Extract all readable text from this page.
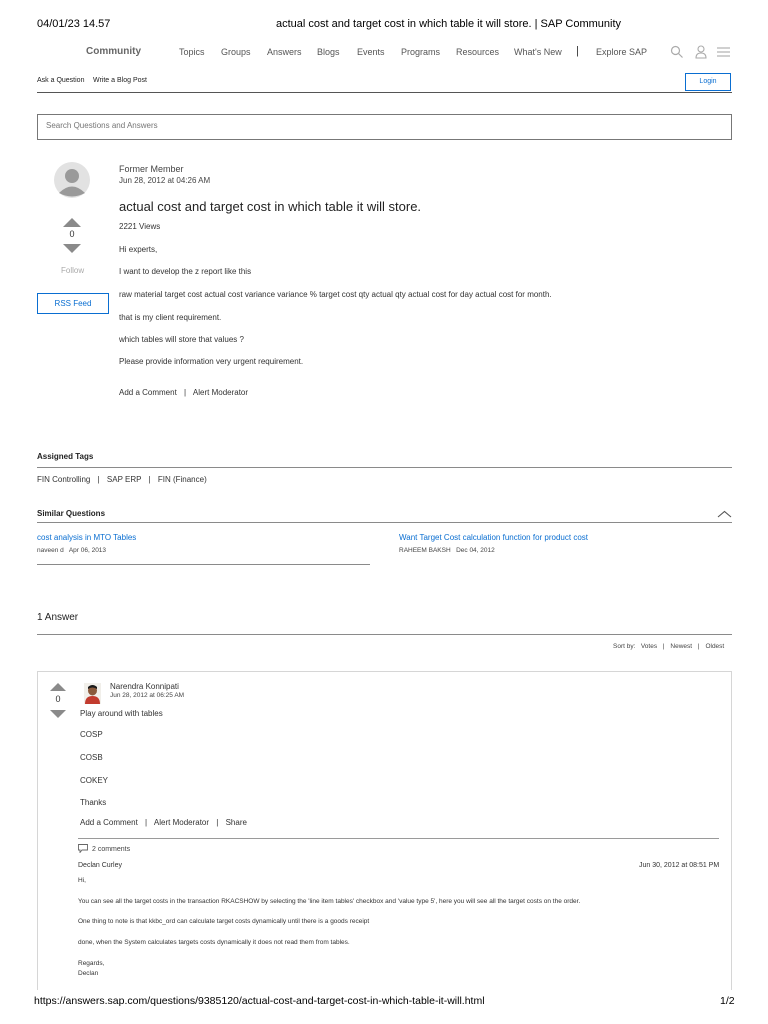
04/01/23 14.57	actual cost and target cost in which table it will store. | SAP Community
Community	Topics Groups Answers Blogs Events Programs Resources What's New | Explore SAP
Ask a Question Write a Blog Post	Login
Search Questions and Answers
0
Follow
RSS Feed
Former Member
Jun 28, 2012 at 04:26 AM
actual cost and target cost in which table it will store.
2221 Views
Hi experts,
I want to develop the z report like this
raw material target cost actual cost variance variance % target cost qty actual qty actual cost for day actual cost for month.
that is my client requirement.
which tables will store that values ?
Please provide information very urgent requirement.
Add a Comment | Alert Moderator
Assigned Tags
FIN Controlling | SAP ERP | FIN (Finance)
Similar Questions
cost analysis in MTO Tables
naveen d Apr 06, 2013
Want Target Cost calculation function for product cost
RAHEEM BAKSH Dec 04, 2012
1 Answer
Sort by: Votes | Newest | Oldest
0
Narendra Konnipati
Jun 28, 2012 at 06:25 AM
Play around with tables
COSP
COSB
COKEY
Thanks
Add a Comment | Alert Moderator | Share
2 comments
Declan Curley	Jun 30, 2012 at 08:51 PM
Hi,
You can see all the target costs in the transaction RKACSHOW by selecting the 'line item tables' checkbox and 'value type 5', here you will see all the target costs on the order.
One thing to note is that kkbc_ord can calculate target costs dynamically until there is a goods receipt
done, when the System calculates targets costs dynamically it does not read them from tables.
Regards,
Declan
https://answers.sap.com/questions/9385120/actual-cost-and-target-cost-in-which-table-it-will.html	1/2
